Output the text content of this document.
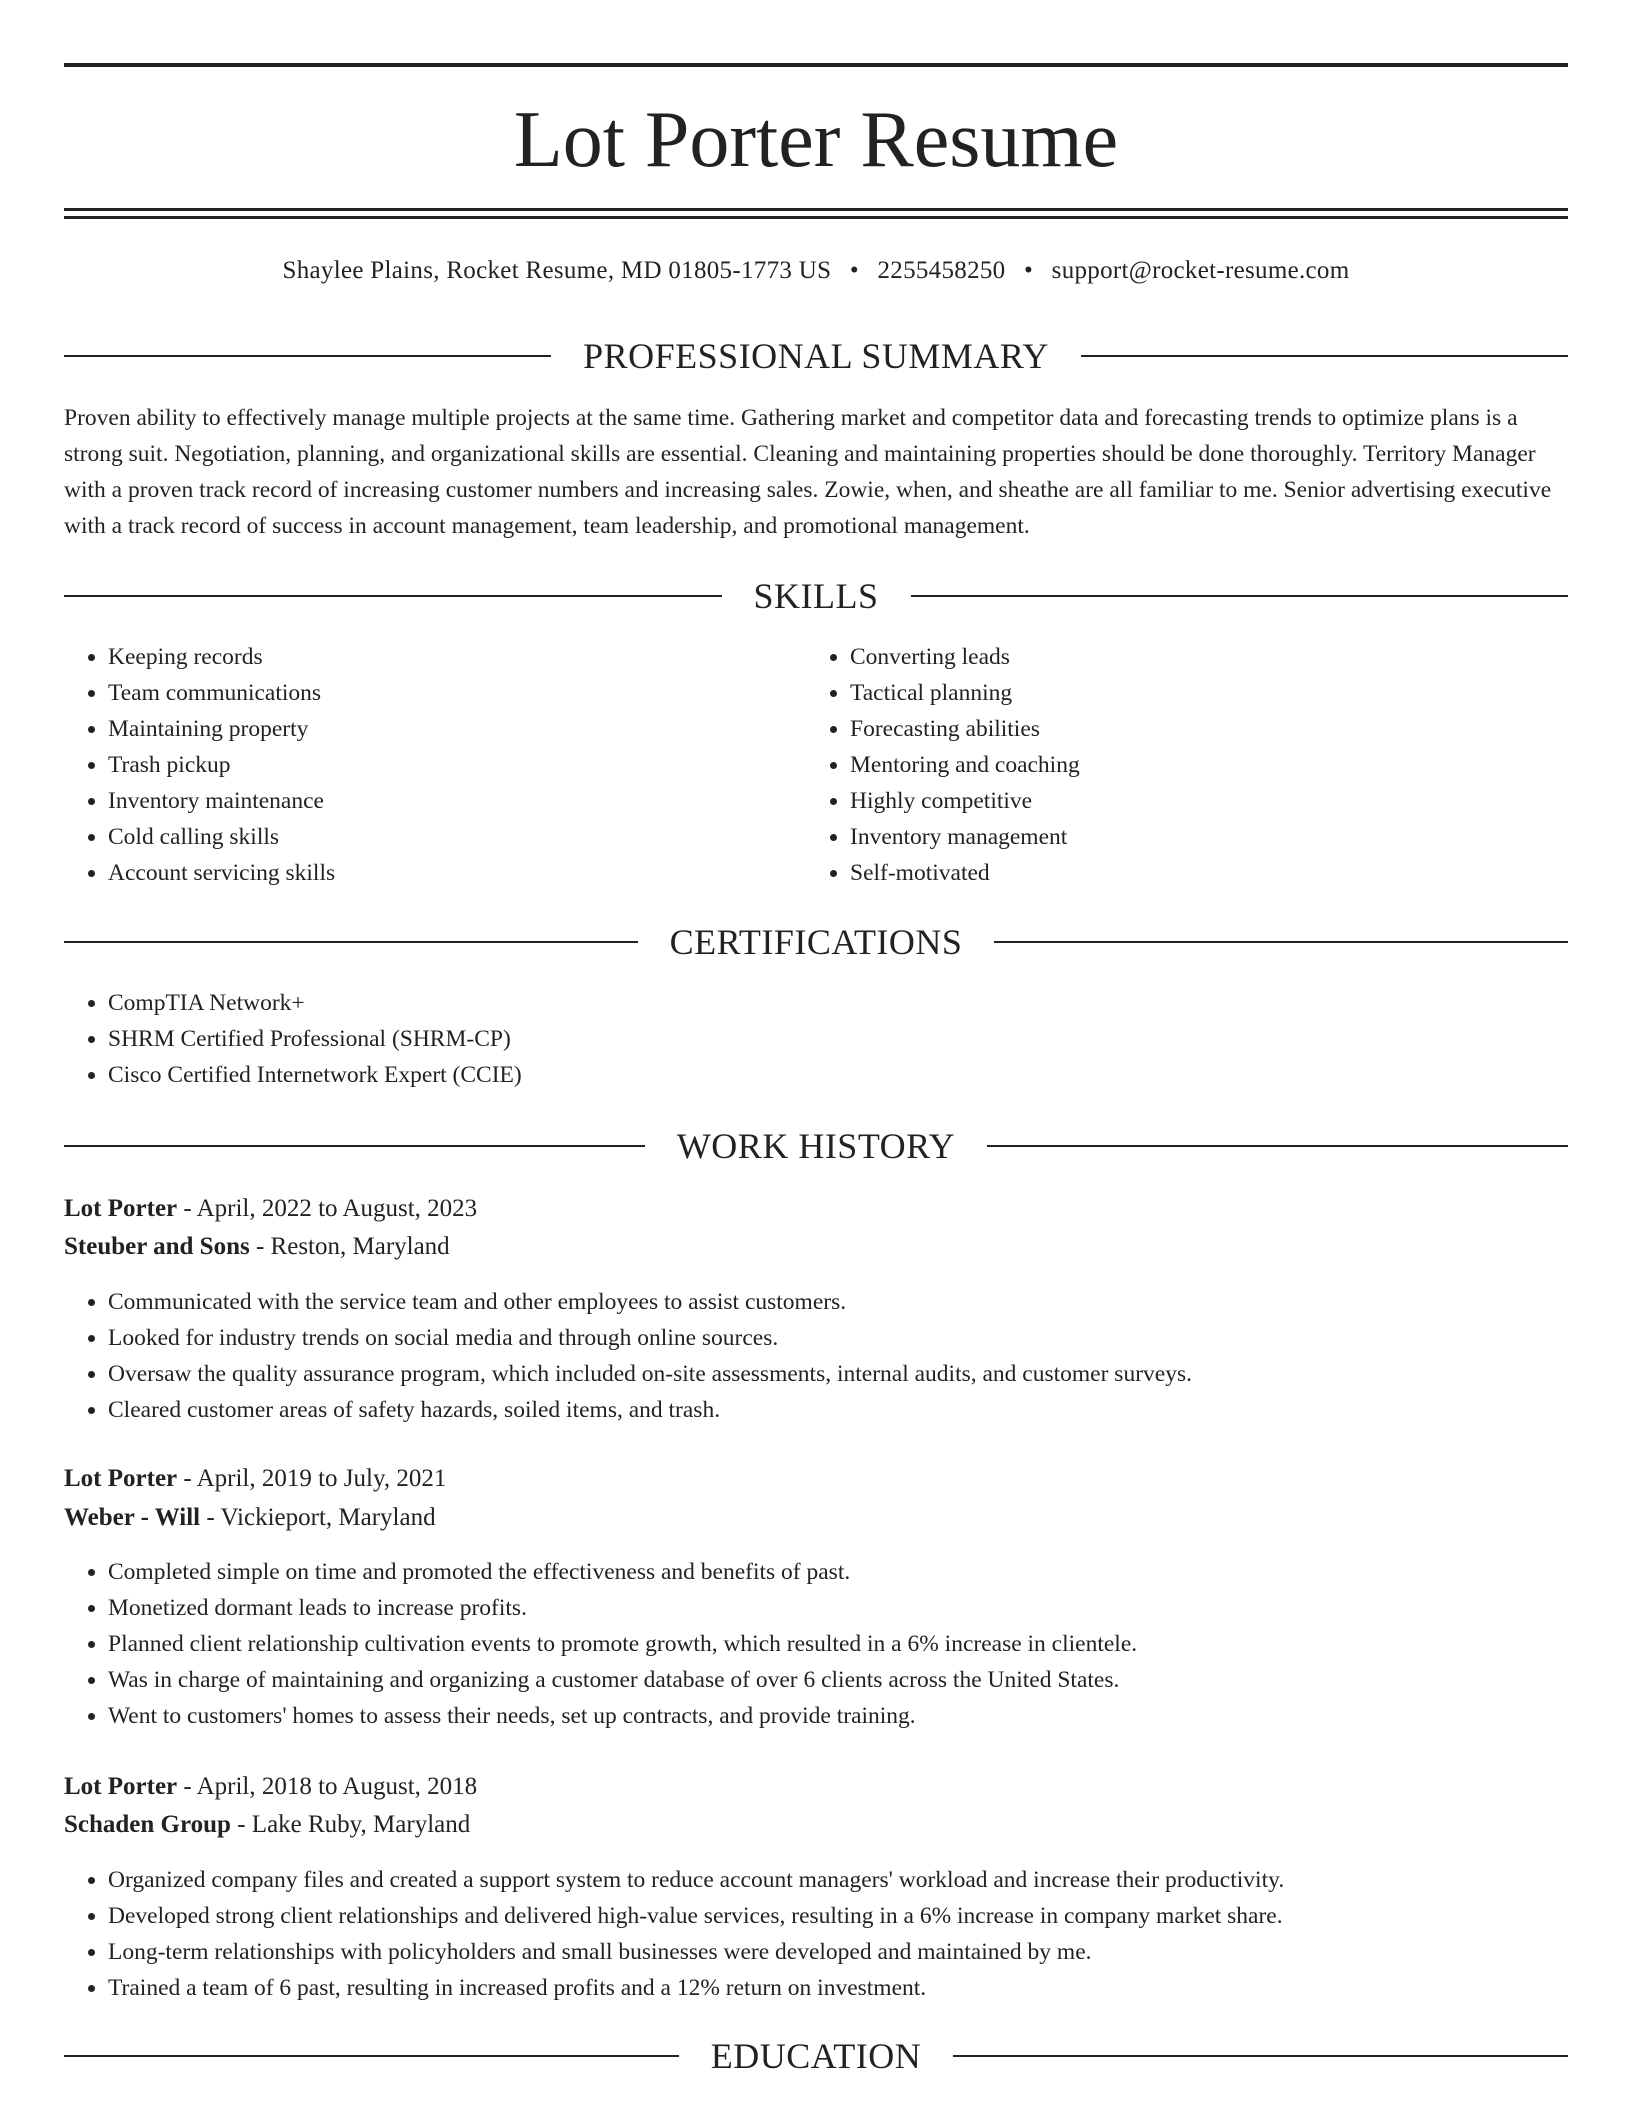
Lot Porter Resume
Shaylee Plains, Rocket Resume, MD 01805-1773 US • 2255458250 • support@rocket-resume.com
PROFESSIONAL SUMMARY

Proven ability to effectively manage multiple projects at the same time. Gathering market and competitor data and forecasting trends to optimize plans is a strong suit. Negotiation, planning, and organizational skills are essential. Cleaning and maintaining properties should be done thoroughly. Territory Manager with a proven track record of increasing customer numbers and increasing sales. Zowie, when, and sheathe are all familiar to me. Senior advertising executive with a track record of success in account management, team leadership, and promotional management.

SKILLS
• Keeping records
• Team communications
• Maintaining property
• Trash pickup
• Inventory maintenance
• Cold calling skills
• Account servicing skills
• Converting leads
• Tactical planning
• Forecasting abilities
• Mentoring and coaching
• Highly competitive
• Inventory management
• Self-motivated
CERTIFICATIONS
• CompTIA Network+
• SHRM Certified Professional (SHRM-CP)
• Cisco Certified Internetwork Expert (CCIE)
WORK HISTORY
Lot Porter - April, 2022 to August, 2023
Steuber and Sons - Reston, Maryland
• Communicated with the service team and other employees to assist customers.
• Looked for industry trends on social media and through online sources.
• Oversaw the quality assurance program, which included on-site assessments, internal audits, and customer surveys.
• Cleared customer areas of safety hazards, soiled items, and trash.
Lot Porter - April, 2019 to July, 2021
Weber - Will - Vickieport, Maryland
• Completed simple on time and promoted the effectiveness and benefits of past.
• Monetized dormant leads to increase profits.
• Planned client relationship cultivation events to promote growth, which resulted in a 6% increase in clientele.
• Was in charge of maintaining and organizing a customer database of over 6 clients across the United States.
• Went to customers' homes to assess their needs, set up contracts, and provide training.
Lot Porter - April, 2018 to August, 2018
Schaden Group - Lake Ruby, Maryland
• Organized company files and created a support system to reduce account managers' workload and increase their productivity.
• Developed strong client relationships and delivered high-value services, resulting in a 6% increase in company market share.
• Long-term relationships with policyholders and small businesses were developed and maintained by me.
• Trained a team of 6 past, resulting in increased profits and a 12% return on investment.
EDUCATION
